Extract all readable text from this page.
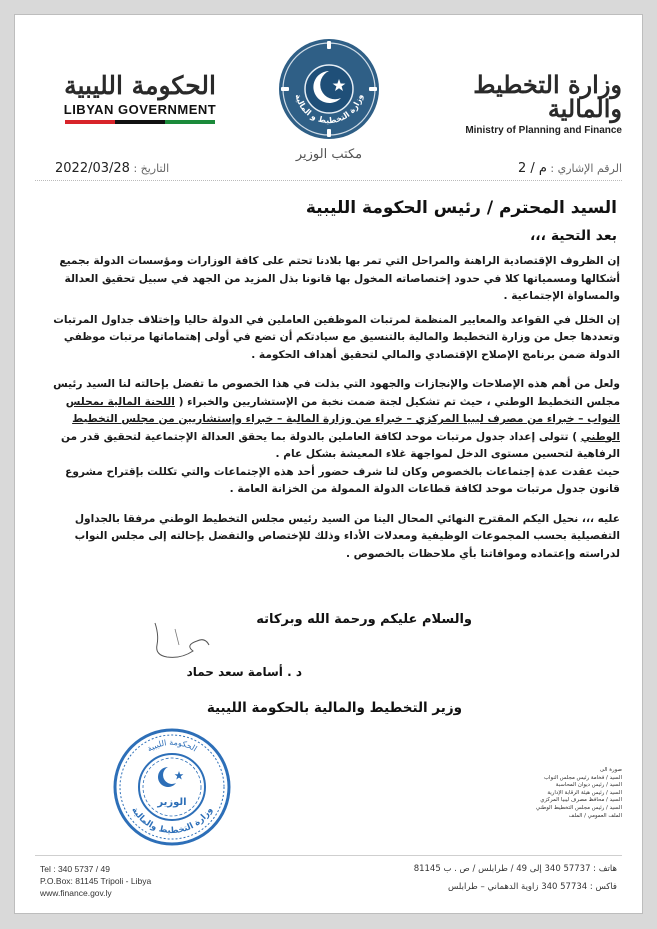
وزارة التخطيط والمالية
Ministry of Planning and Finance
وزارة التخطيط و المالية
مكتب الوزير
الحكومة الليبية
LIBYAN GOVERNMENT
الرقم الإشاري : م / 2
التاريخ : 2022/03/28
السيد المحترم / رئيس الحكومة الليبية
بعد التحية ،،،
إن الظروف الإقتصادية الراهنة والمراحل التي تمر بها بلادنا تحتم على كافة الوزارات ومؤسسات الدولة بجميع أشكالها ومسمياتها كلا في حدود إختصاصاته المخول بها قانونا بذل المزيد من الجهد في سبيل تحقيق العدالة والمساواة الإجتماعية .
إن الخلل في القواعد والمعايير المنظمة لمرتبات الموظفين العاملين في الدولة حاليا وإختلاف جداول المرتبات وتعددها جعل من وزارة التخطيط والمالية بالتنسيق مع سيادتكم أن تضع في أولى إهتماماتها مرتبات موظفي الدولة ضمن برنامج الإصلاح الإقتصادي والمالي لتحقيق أهداف الحكومة .
ولعل من أهم هذه الإصلاحات والإنجازات والجهود التي بذلت في هذا الخصوص ما تفضل بإحالته لنا السيد رئيس مجلس التخطيط الوطني ، حيث تم تشكيل لجنة ضمت نخبة من الإستشاريين والخبراء ( اللجنة المالية بمجلس النواب – خبراء من مصرف ليبيا المركزي – خبراء من وزارة المالية – خبراء وإستشاريين من مجلس التخطيط الوطني ) تتولى إعداد جدول مرتبات موحد لكافة العاملين بالدولة بما يحقق العدالة الإجتماعية لتحقيق قدر من الرفاهية لتحسين مستوى الدخل لمواجهة غلاء المعيشة بشكل عام .
حيث عقدت عدة إجتماعات بالخصوص وكان لنا شرف حضور أحد هذه الإجتماعات والتي تكللت بإقتراح مشروع قانون جدول مرتبات موحد لكافة قطاعات الدولة الممولة من الخزانة العامة .
عليه ،،، نحيل اليكم المقترح النهائي المحال الينا من السيد رئيس مجلس التخطيط الوطني مرفقا بالجداول التفصيلية بحسب المجموعات الوظيفية ومعدلات الأداء وذلك للإختصاص والتفضل بإحالته إلى مجلس النواب لدراسته وإعتماده وموافاتنا بأي ملاحظات بالخصوص .
والسلام عليكم ورحمة الله وبركاته
د . أسامة سعد حماد
وزير التخطيط والمالية بالحكومة الليبية
الوزير
الحكومة الليبية
وزارة التخطيط والمالية
صورة الى
السيد / فخامة رئيس مجلس النواب
السيد / رئيس ديوان المحاسبة
السيد / رئيس هيئة الرقابة الإدارية
السيد / محافظ مصرف ليبيا المركزي
السيد / رئيس مجلس التخطيط الوطني
الملف العمومي / الملف
Tel : 340 5737 / 49
P.O.Box: 81145 Tripoli - Libya
www.finance.gov.ly
هاتف : 57737 340 إلى 49 / طرابلس / ص . ب 81145
فاكس : 57734 340 زاوية الدهماني – طرابلس
